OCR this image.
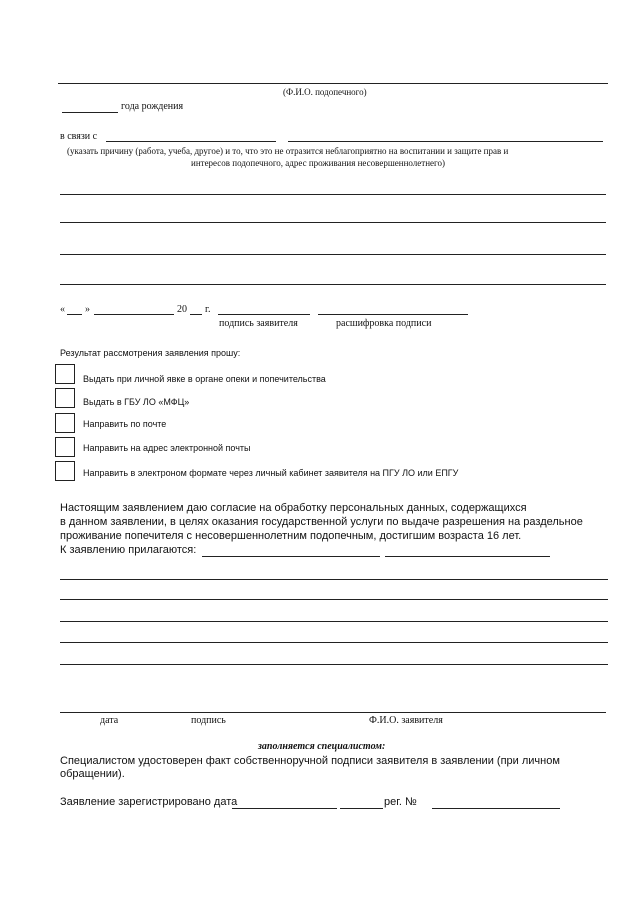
(Ф.И.О. подопечного)
года рождения
в связи с
(указать причину (работа, учеба, другое) и то, что это не отразится неблагоприятно на воспитании и защите прав и
интересов подопечного, адрес проживания несовершеннолетнего)
« »	20 г.
подпись заявителя	расшифровка подписи
Результат рассмотрения заявления прошу:
Выдать при личной явке в органе опеки и попечительства
Выдать в ГБУ ЛО «МФЦ»
Направить по почте
Направить на адрес электронной почты
Направить в электроном формате через личный кабинет заявителя на ПГУ ЛО или ЕПГУ
Настоящим заявлением даю согласие на обработку персональных данных, содержащихся
в данном заявлении, в целях оказания государственной услуги по выдаче разрешения на раздельное
проживание попечителя с несовершеннолетним подопечным, достигшим возраста 16 лет.
К заявлению прилагаются:
дата	подпись	Ф.И.О. заявителя
заполняется специалистом:
Специалистом удостоверен факт собственноручной подписи заявителя в заявлении (при личном
обращении).
Заявление зарегистрировано дата	рег. №
